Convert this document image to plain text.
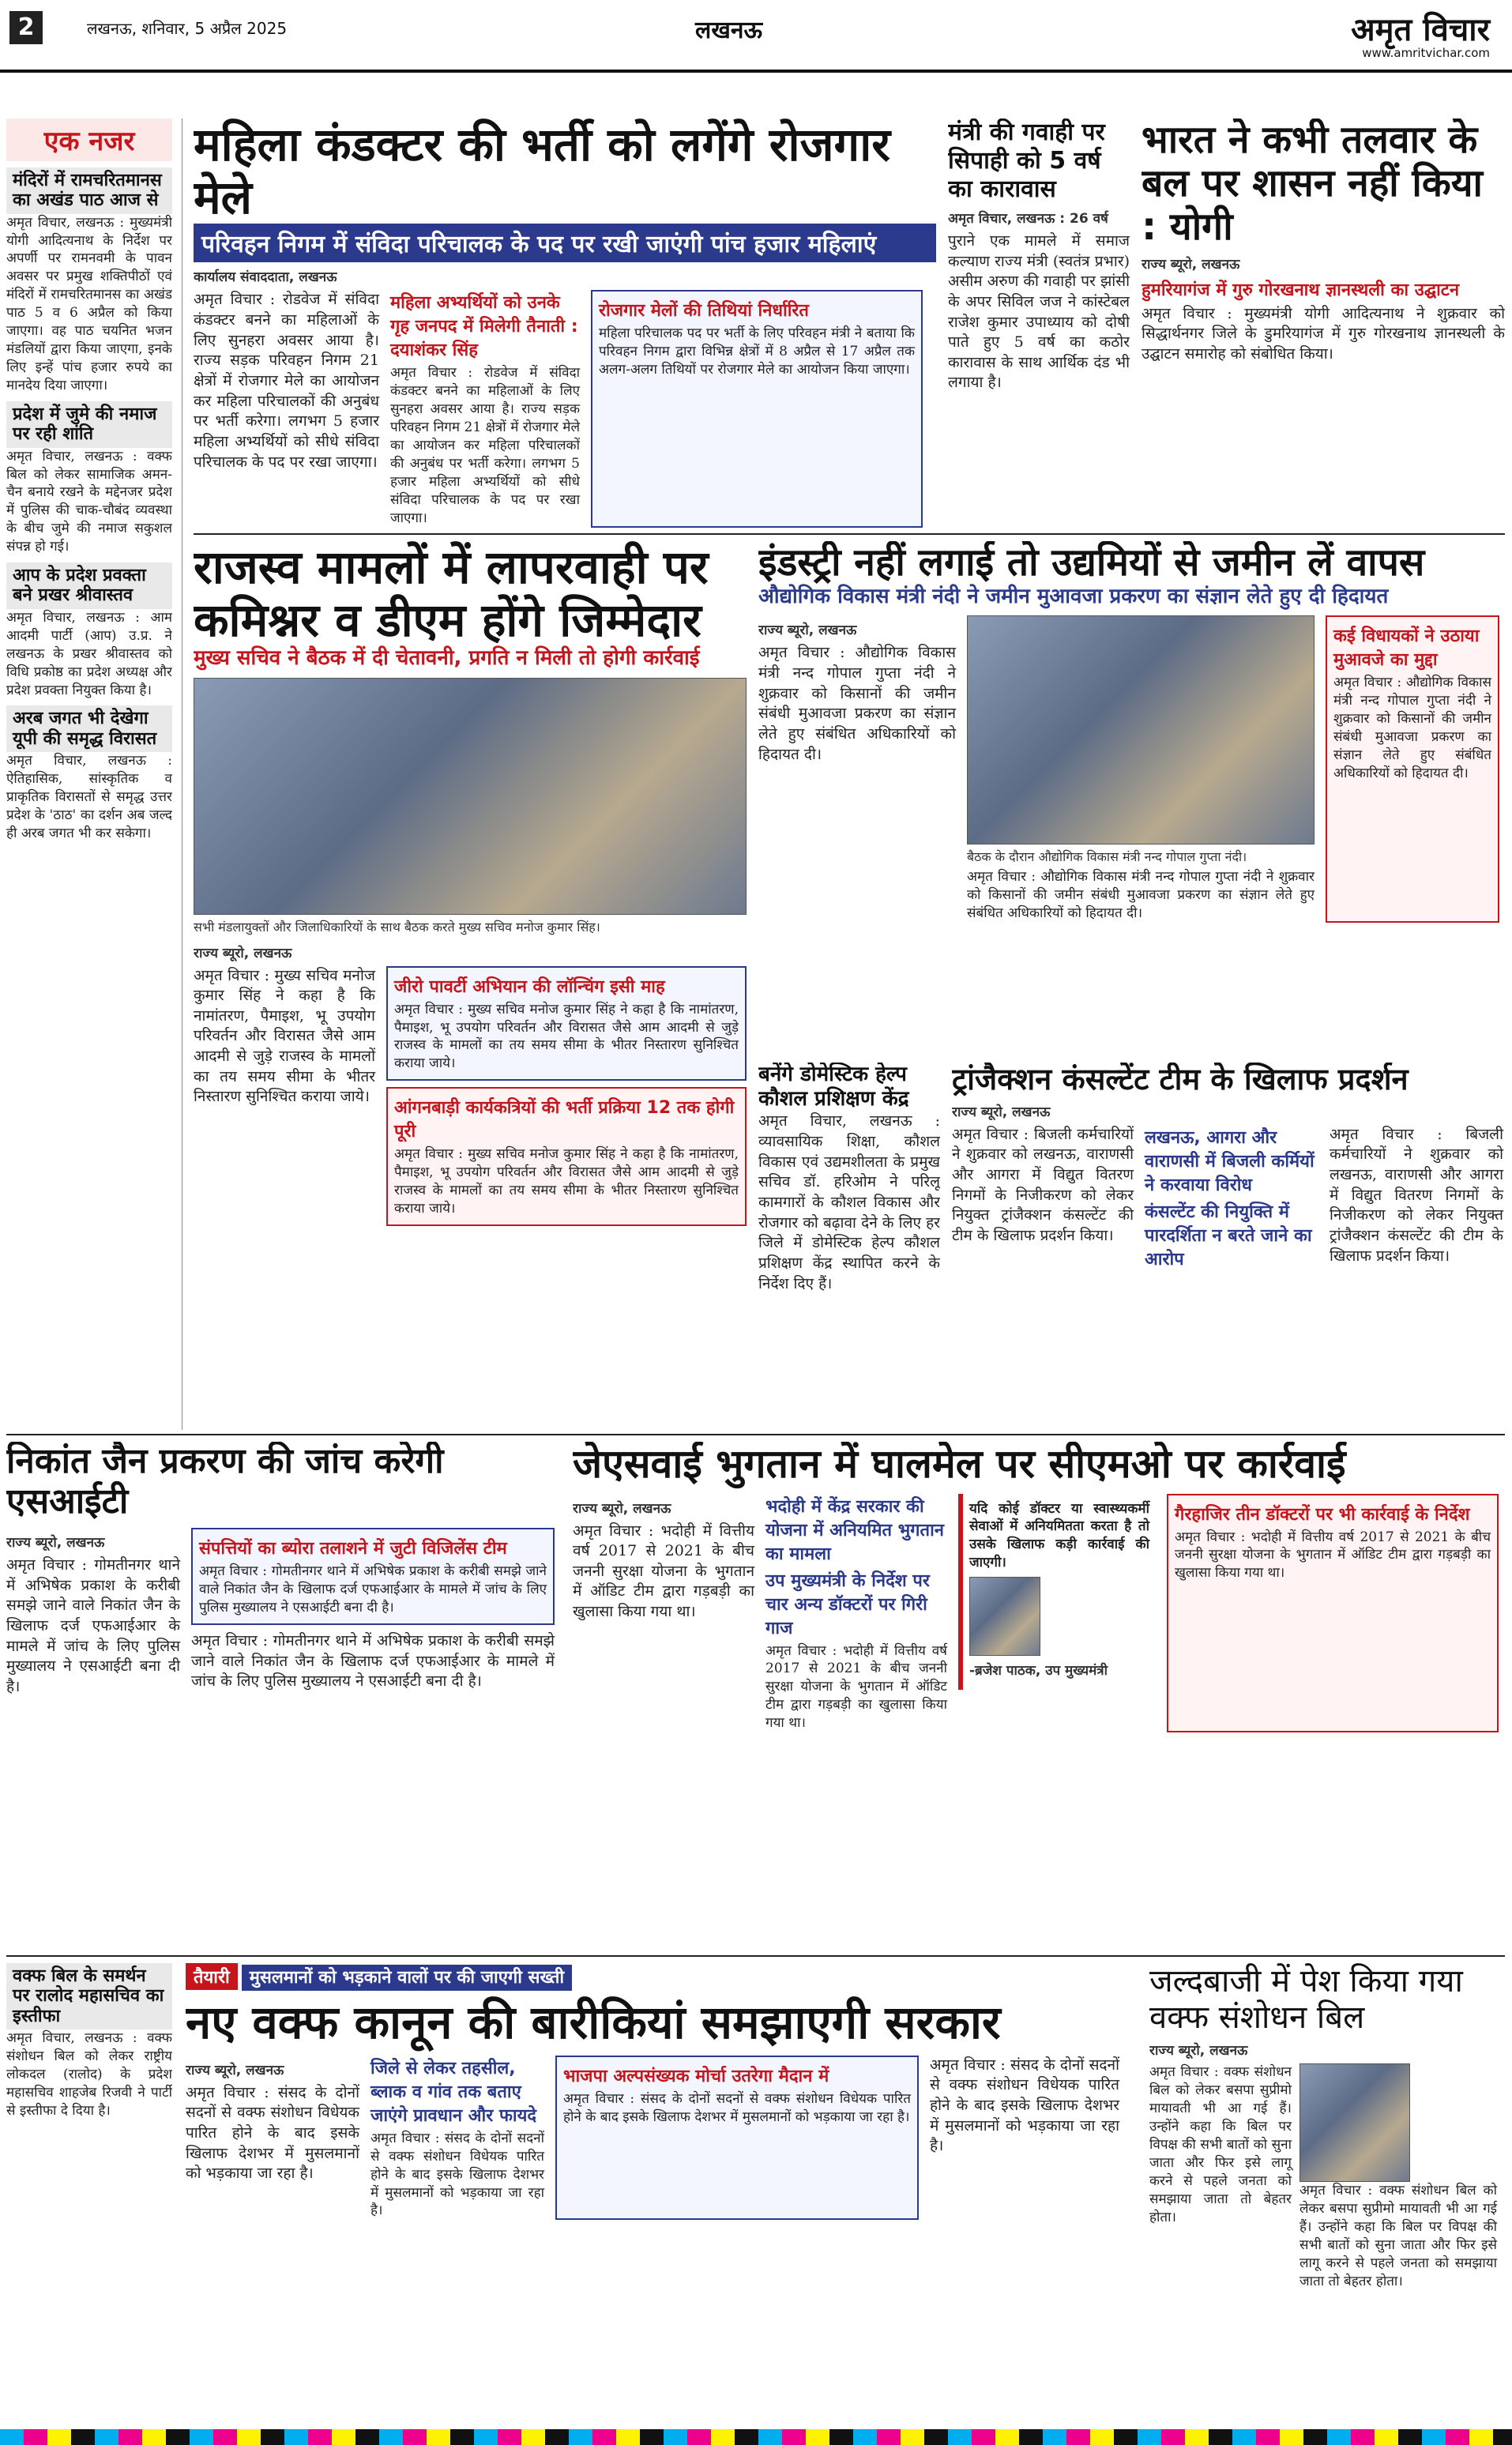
2	लखनऊ, शनिवार, 5 अप्रैल 2025	लखनऊ	अमृत विचार
www.amritvichar.com
एक नजर
मंदिरों में रामचरितमानस का अखंड पाठ आज से
अमृत विचार, लखनऊ : मुख्यमंत्री योगी आदित्यनाथ के निर्देश पर अपर्णी पर रामनवमी के पावन अवसर पर प्रमुख शक्तिपीठों एवं मंदिरों में रामचरितमानस का अखंड पाठ 5 व 6 अप्रैल को किया जाएगा। वह पाठ चयनित भजन मंडलियों द्वारा किया जाएगा, इनके लिए इन्हें पांच हजार रुपये का मानदेय दिया जाएगा।
प्रदेश में जुमे की नमाज पर रही शांति
अमृत विचार, लखनऊ : वक्फ बिल को लेकर सामाजिक अमन-चैन बनाये रखने के मद्देनजर प्रदेश में पुलिस की चाक-चौबंद व्यवस्था के बीच जुमे की नमाज सकुशल संपन्न हो गई।
आप के प्रदेश प्रवक्ता बने प्रखर श्रीवास्तव
अमृत विचार, लखनऊ : आम आदमी पार्टी (आप) उ.प्र. ने लखनऊ के प्रखर श्रीवास्तव को विधि प्रकोष्ठ का प्रदेश अध्यक्ष और प्रदेश प्रवक्ता नियुक्त किया है।
अरब जगत भी देखेगा यूपी की समृद्ध विरासत
अमृत विचार, लखनऊ : ऐतिहासिक, सांस्कृतिक व प्राकृतिक विरासतों से समृद्ध उत्तर प्रदेश के 'ठाठ' का दर्शन अब जल्द ही अरब जगत भी कर सकेगा।
महिला कंडक्टर की भर्ती को लगेंगे रोजगार मेले
परिवहन निगम में संविदा परिचालक के पद पर रखी जाएंगी पांच हजार महिलाएं
कार्यालय संवाददाता, लखनऊ
अमृत विचार : रोडवेज में संविदा कंडक्टर बनने का महिलाओं के लिए सुनहरा अवसर आया है। राज्य सड़क परिवहन निगम 21 क्षेत्रों में रोजगार मेले का आयोजन कर महिला परिचालकों की अनुबंध पर भर्ती करेगा। लगभग 5 हजार महिला अभ्यर्थियों को सीधे संविदा परिचालक के पद पर रखा जाएगा।
महिला अभ्यर्थियों को उनके गृह जनपद में मिलेगी तैनाती : दयाशंकर सिंह
अमृत विचार : रोडवेज में संविदा कंडक्टर बनने का महिलाओं के लिए सुनहरा अवसर आया है। राज्य सड़क परिवहन निगम 21 क्षेत्रों में रोजगार मेले का आयोजन कर महिला परिचालकों की अनुबंध पर भर्ती करेगा। लगभग 5 हजार महिला अभ्यर्थियों को सीधे संविदा परिचालक के पद पर रखा जाएगा।
रोजगार मेलों की तिथियां निर्धारित
महिला परिचालक पद पर भर्ती के लिए परिवहन मंत्री ने बताया कि परिवहन निगम द्वारा विभिन्न क्षेत्रों में 8 अप्रैल से 17 अप्रैल तक अलग-अलग तिथियों पर रोजगार मेले का आयोजन किया जाएगा।
मंत्री की गवाही पर सिपाही को 5 वर्ष का कारावास
अमृत विचार, लखनऊ : 26 वर्ष
पुराने एक मामले में समाज कल्याण राज्य मंत्री (स्वतंत्र प्रभार) असीम अरुण की गवाही पर झांसी के अपर सिविल जज ने कांस्टेबल राजेश कुमार उपाध्याय को दोषी पाते हुए 5 वर्ष का कठोर कारावास के साथ आर्थिक दंड भी लगाया है।
भारत ने कभी तलवार के बल पर शासन नहीं किया : योगी
राज्य ब्यूरो, लखनऊ
हुमरियागंज में गुरु गोरखनाथ ज्ञानस्थली का उद्घाटन
अमृत विचार : मुख्यमंत्री योगी आदित्यनाथ ने शुक्रवार को सिद्धार्थनगर जिले के डुमरियागंज में गुरु गोरखनाथ ज्ञानस्थली के उद्घाटन समारोह को संबोधित किया।
राजस्व मामलों में लापरवाही पर कमिश्नर व डीएम होंगे जिम्मेदार
मुख्य सचिव ने बैठक में दी चेतावनी, प्रगति न मिली तो होगी कार्रवाई
सभी मंडलायुक्तों और जिलाधिकारियों के साथ बैठक करते मुख्य सचिव मनोज कुमार सिंह।
राज्य ब्यूरो, लखनऊ
अमृत विचार : मुख्य सचिव मनोज कुमार सिंह ने कहा है कि नामांतरण, पैमाइश, भू उपयोग परिवर्तन और विरासत जैसे आम आदमी से जुड़े राजस्व के मामलों का तय समय सीमा के भीतर निस्तारण सुनिश्चित कराया जाये।
जीरो पावर्टी अभियान की लॉन्चिंग इसी माह
अमृत विचार : मुख्य सचिव मनोज कुमार सिंह ने कहा है कि नामांतरण, पैमाइश, भू उपयोग परिवर्तन और विरासत जैसे आम आदमी से जुड़े राजस्व के मामलों का तय समय सीमा के भीतर निस्तारण सुनिश्चित कराया जाये।
आंगनबाड़ी कार्यकत्रियों की भर्ती प्रक्रिया 12 तक होगी पूरी
अमृत विचार : मुख्य सचिव मनोज कुमार सिंह ने कहा है कि नामांतरण, पैमाइश, भू उपयोग परिवर्तन और विरासत जैसे आम आदमी से जुड़े राजस्व के मामलों का तय समय सीमा के भीतर निस्तारण सुनिश्चित कराया जाये।
इंडस्ट्री नहीं लगाई तो उद्यमियों से जमीन लें वापस
औद्योगिक विकास मंत्री नंदी ने जमीन मुआवजा प्रकरण का संज्ञान लेते हुए दी हिदायत
राज्य ब्यूरो, लखनऊ
अमृत विचार : औद्योगिक विकास मंत्री नन्द गोपाल गुप्ता नंदी ने शुक्रवार को किसानों की जमीन संबंधी मुआवजा प्रकरण का संज्ञान लेते हुए संबंधित अधिकारियों को हिदायत दी।
बैठक के दौरान औद्योगिक विकास मंत्री नन्द गोपाल गुप्ता नंदी।
अमृत विचार : औद्योगिक विकास मंत्री नन्द गोपाल गुप्ता नंदी ने शुक्रवार को किसानों की जमीन संबंधी मुआवजा प्रकरण का संज्ञान लेते हुए संबंधित अधिकारियों को हिदायत दी।
कई विधायकों ने उठाया मुआवजे का मुद्दा
अमृत विचार : औद्योगिक विकास मंत्री नन्द गोपाल गुप्ता नंदी ने शुक्रवार को किसानों की जमीन संबंधी मुआवजा प्रकरण का संज्ञान लेते हुए संबंधित अधिकारियों को हिदायत दी।
बनेंगे डोमेस्टिक हेल्प कौशल प्रशिक्षण केंद्र
अमृत विचार, लखनऊ : व्यावसायिक शिक्षा, कौशल विकास एवं उद्यमशीलता के प्रमुख सचिव डॉ. हरिओम ने परिलू कामगारों के कौशल विकास और रोजगार को बढ़ावा देने के लिए हर जिले में डोमेस्टिक हेल्प कौशल प्रशिक्षण केंद्र स्थापित करने के निर्देश दिए हैं।
ट्रांजैक्शन कंसल्टेंट टीम के खिलाफ प्रदर्शन
राज्य ब्यूरो, लखनऊ
अमृत विचार : बिजली कर्मचारियों ने शुक्रवार को लखनऊ, वाराणसी और आगरा में विद्युत वितरण निगमों के निजीकरण को लेकर नियुक्त ट्रांजैक्शन कंसल्टेंट की टीम के खिलाफ प्रदर्शन किया।
लखनऊ, आगरा और वाराणसी में बिजली कर्मियों ने करवाया विरोध
कंसल्टेंट की नियुक्ति में पारदर्शिता न बरते जाने का आरोप
अमृत विचार : बिजली कर्मचारियों ने शुक्रवार को लखनऊ, वाराणसी और आगरा में विद्युत वितरण निगमों के निजीकरण को लेकर नियुक्त ट्रांजैक्शन कंसल्टेंट की टीम के खिलाफ प्रदर्शन किया।
निकांत जैन प्रकरण की जांच करेगी एसआईटी
राज्य ब्यूरो, लखनऊ
अमृत विचार : गोमतीनगर थाने में अभिषेक प्रकाश के करीबी समझे जाने वाले निकांत जैन के खिलाफ दर्ज एफआईआर के मामले में जांच के लिए पुलिस मुख्यालय ने एसआईटी बना दी है।
संपत्तियों का ब्योरा तलाशने में जुटी विजिलेंस टीम
अमृत विचार : गोमतीनगर थाने में अभिषेक प्रकाश के करीबी समझे जाने वाले निकांत जैन के खिलाफ दर्ज एफआईआर के मामले में जांच के लिए पुलिस मुख्यालय ने एसआईटी बना दी है।
अमृत विचार : गोमतीनगर थाने में अभिषेक प्रकाश के करीबी समझे जाने वाले निकांत जैन के खिलाफ दर्ज एफआईआर के मामले में जांच के लिए पुलिस मुख्यालय ने एसआईटी बना दी है।
जेएसवाई भुगतान में घालमेल पर सीएमओ पर कार्रवाई
राज्य ब्यूरो, लखनऊ
अमृत विचार : भदोही में वित्तीय वर्ष 2017 से 2021 के बीच जननी सुरक्षा योजना के भुगतान में ऑडिट टीम द्वारा गड़बड़ी का खुलासा किया गया था।
भदोही में केंद्र सरकार की योजना में अनियमित भुगतान का मामला
उप मुख्यमंत्री के निर्देश पर चार अन्य डॉक्टरों पर गिरी गाज
अमृत विचार : भदोही में वित्तीय वर्ष 2017 से 2021 के बीच जननी सुरक्षा योजना के भुगतान में ऑडिट टीम द्वारा गड़बड़ी का खुलासा किया गया था।
यदि कोई डॉक्टर या स्वास्थ्यकर्मी सेवाओं में अनियमितता करता है तो उसके खिलाफ कड़ी कार्रवाई की जाएगी।
-ब्रजेश पाठक, उप मुख्यमंत्री
गैरहाजिर तीन डॉक्टरों पर भी कार्रवाई के निर्देश
अमृत विचार : भदोही में वित्तीय वर्ष 2017 से 2021 के बीच जननी सुरक्षा योजना के भुगतान में ऑडिट टीम द्वारा गड़बड़ी का खुलासा किया गया था।
वक्फ बिल के समर्थन पर रालोद महासचिव का इस्तीफा
अमृत विचार, लखनऊ : वक्फ संशोधन बिल को लेकर राष्ट्रीय लोकदल (रालोद) के प्रदेश महासचिव शाहजेब रिजवी ने पार्टी से इस्तीफा दे दिया है।
तैयारी मुसलमानों को भड़काने वालों पर की जाएगी सख्ती
नए वक्फ कानून की बारीकियां समझाएगी सरकार
राज्य ब्यूरो, लखनऊ
अमृत विचार : संसद के दोनों सदनों से वक्फ संशोधन विधेयक पारित होने के बाद इसके खिलाफ देशभर में मुसलमानों को भड़काया जा रहा है।
जिले से लेकर तहसील, ब्लाक व गांव तक बताए जाएंगे प्रावधान और फायदे
अमृत विचार : संसद के दोनों सदनों से वक्फ संशोधन विधेयक पारित होने के बाद इसके खिलाफ देशभर में मुसलमानों को भड़काया जा रहा है।
भाजपा अल्पसंख्यक मोर्चा उतरेगा मैदान में
अमृत विचार : संसद के दोनों सदनों से वक्फ संशोधन विधेयक पारित होने के बाद इसके खिलाफ देशभर में मुसलमानों को भड़काया जा रहा है।
अमृत विचार : संसद के दोनों सदनों से वक्फ संशोधन विधेयक पारित होने के बाद इसके खिलाफ देशभर में मुसलमानों को भड़काया जा रहा है।
जल्दबाजी में पेश किया गया वक्फ संशोधन बिल
राज्य ब्यूरो, लखनऊ
अमृत विचार : वक्फ संशोधन बिल को लेकर बसपा सुप्रीमो मायावती भी आ गई हैं। उन्होंने कहा कि बिल पर विपक्ष की सभी बातों को सुना जाता और फिर इसे लागू करने से पहले जनता को समझाया जाता तो बेहतर होता।
अमृत विचार : वक्फ संशोधन बिल को लेकर बसपा सुप्रीमो मायावती भी आ गई हैं। उन्होंने कहा कि बिल पर विपक्ष की सभी बातों को सुना जाता और फिर इसे लागू करने से पहले जनता को समझाया जाता तो बेहतर होता।
